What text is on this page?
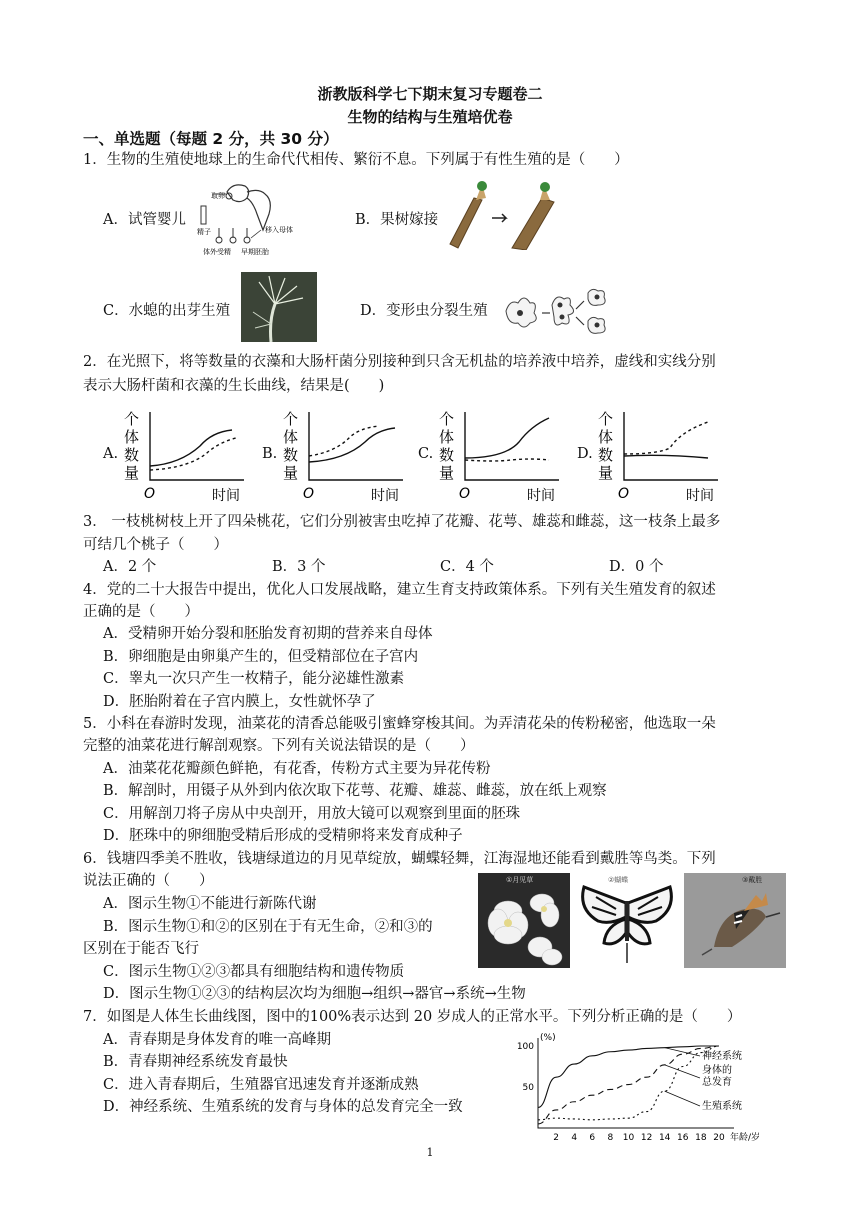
浙教版科学七下期末复习专题卷二
生物的结构与生殖培优卷
一、单选题（每题 2 分，共 30 分）
1．生物的生殖使地球上的生命代代相传、繁衍不息。下列属于有性生殖的是（　　）
A．试管婴儿
取卵
精子	移入母体
体外受精 早期胚胎
B．果树嫁接
C．水螅的出芽生殖	D．变形虫分裂生殖
2．在光照下，将等数量的衣藻和大肠杆菌分别接种到只含无机盐的培养液中培养，虚线和实线分别
表示大肠杆菌和衣藻的生长曲线，结果是(　　)
A.
个
体
数
量
O	时间
B.
个
体
数
量
O	时间
C.
个
体
数
量
O	时间
D.
个
体
数
量
O	时间
3． 一枝桃树枝上开了四朵桃花，它们分别被害虫吃掉了花瓣、花萼、雄蕊和雌蕊，这一枝条上最多
可结几个桃子（　　）
A．2 个	B．3 个	C．4 个	D．0 个
4．党的二十大报告中提出，优化人口发展战略，建立生育支持政策体系。下列有关生殖发育的叙述
正确的是（　　）
A．受精卵开始分裂和胚胎发育初期的营养来自母体
B．卵细胞是由卵巢产生的，但受精部位在子宫内
C．睾丸一次只产生一枚精子，能分泌雄性激素
D．胚胎附着在子宫内膜上，女性就怀孕了
5．小科在春游时发现，油菜花的清香总能吸引蜜蜂穿梭其间。为弄清花朵的传粉秘密，他选取一朵
完整的油菜花进行解剖观察。下列有关说法错误的是（　　）
A．油菜花花瓣颜色鲜艳，有花香，传粉方式主要为异花传粉
B．解剖时，用镊子从外到内依次取下花萼、花瓣、雄蕊、雌蕊，放在纸上观察
C．用解剖刀将子房从中央剖开，用放大镜可以观察到里面的胚珠
D．胚珠中的卵细胞受精后形成的受精卵将来发育成种子
6．钱塘四季美不胜收，钱塘绿道边的月见草绽放，蝴蝶轻舞，江海湿地还能看到戴胜等鸟类。下列
说法正确的（　　）
A．图示生物①不能进行新陈代谢
B．图示生物①和②的区别在于有无生命，②和③的
区别在于能否飞行
C．图示生物①②③都具有细胞结构和遗传物质
D．图示生物①②③的结构层次均为细胞→组织→器官→系统→生物
①月见草	②蝴蝶	③戴胜
7．如图是人体生长曲线图，图中的100%表示达到 20 岁成人的正常水平。下列分析正确的是（　　）
A．青春期是身体发育的唯一高峰期
B．青春期神经系统发育最快
C．进入青春期后，生殖器官迅速发育并逐渐成熟
D．神经系统、生殖系统的发育与身体的总发育完全一致
(%)
50
100
2 4 6 8 10 12 14 16 18 20 年龄/岁
神经系统
身体的
总发育
生殖系统
1
